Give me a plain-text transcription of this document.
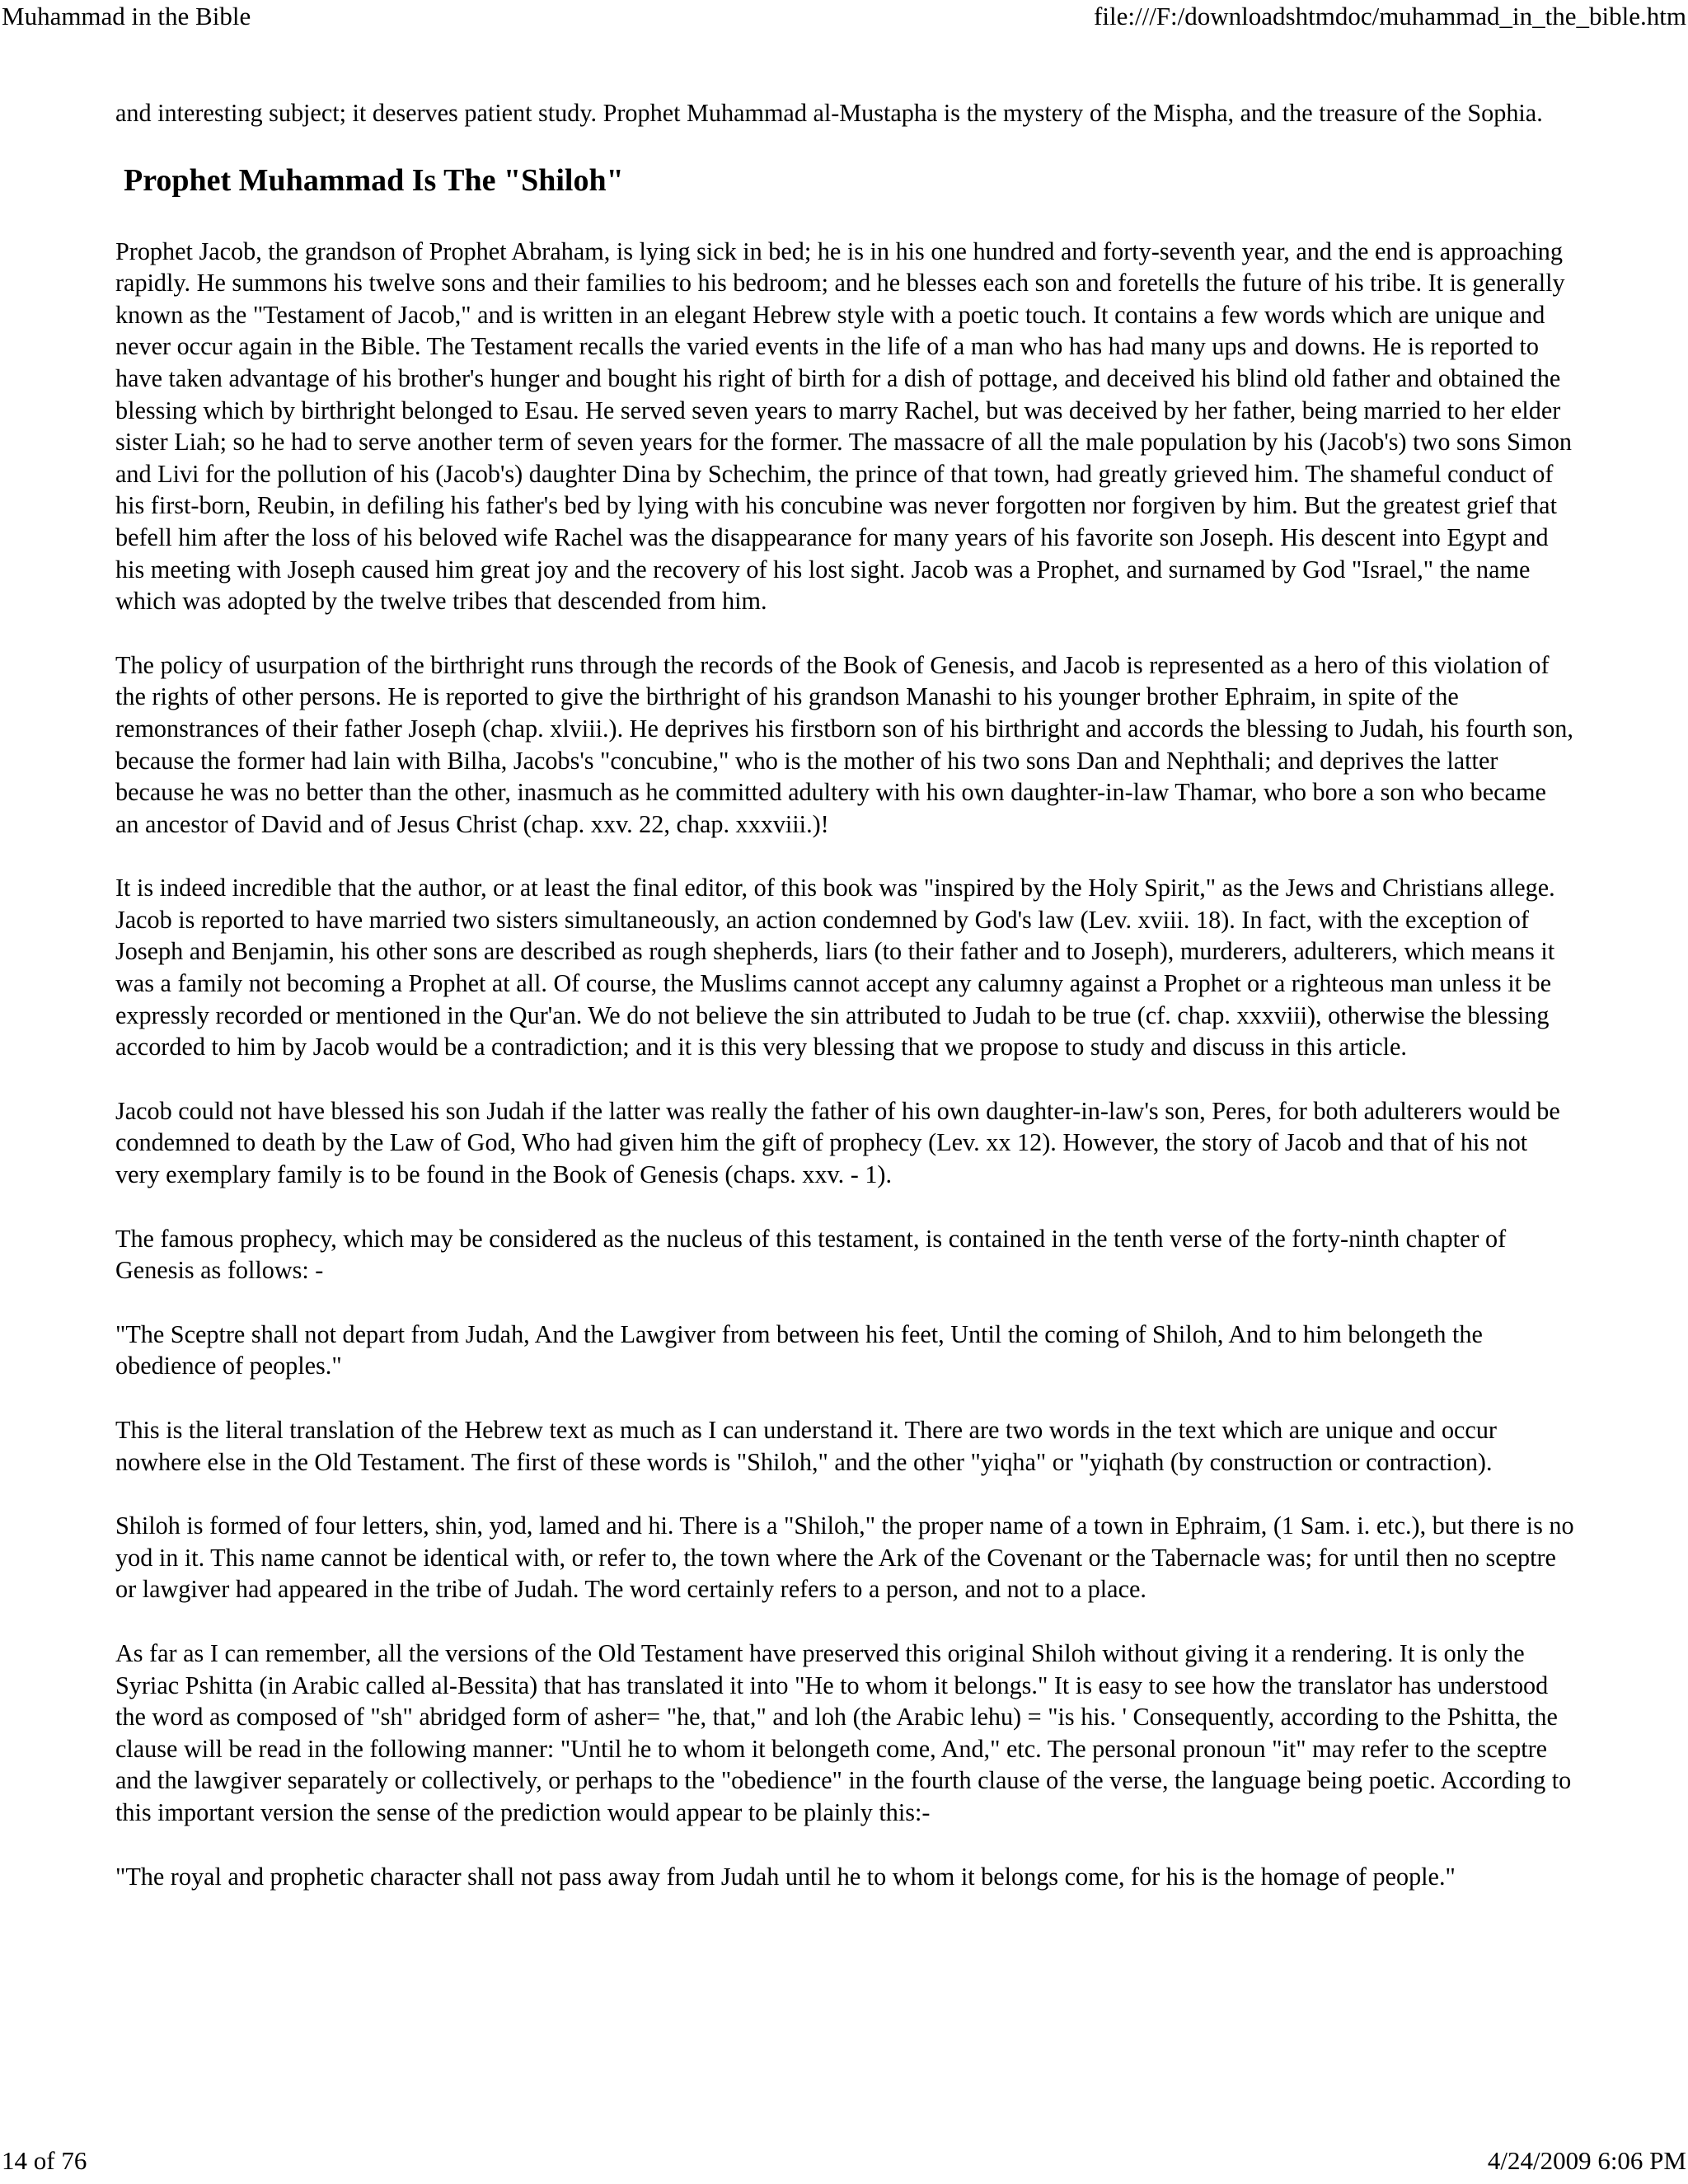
Muhammad in the Bible	file:///F:/downloadshtmdoc/muhammad_in_the_bible.htm

and interesting subject; it deserves patient study. Prophet Muhammad al-Mustapha is the mystery of the Mispha, and the treasure of the Sophia.

Prophet Muhammad Is The "Shiloh"

Prophet Jacob, the grandson of Prophet Abraham, is lying sick in bed; he is in his one hundred and forty-seventh year, and the end is approaching rapidly. He summons his twelve sons and their families to his bedroom; and he blesses each son and foretells the future of his tribe. It is generally known as the "Testament of Jacob," and is written in an elegant Hebrew style with a poetic touch. It contains a few words which are unique and never occur again in the Bible. The Testament recalls the varied events in the life of a man who has had many ups and downs. He is reported to have taken advantage of his brother's hunger and bought his right of birth for a dish of pottage, and deceived his blind old father and obtained the blessing which by birthright belonged to Esau. He served seven years to marry Rachel, but was deceived by her father, being married to her elder sister Liah; so he had to serve another term of seven years for the former. The massacre of all the male population by his (Jacob's) two sons Simon and Livi for the pollution of his (Jacob's) daughter Dina by Schechim, the prince of that town, had greatly grieved him. The shameful conduct of his first-born, Reubin, in defiling his father's bed by lying with his concubine was never forgotten nor forgiven by him. But the greatest grief that befell him after the loss of his beloved wife Rachel was the disappearance for many years of his favorite son Joseph. His descent into Egypt and his meeting with Joseph caused him great joy and the recovery of his lost sight. Jacob was a Prophet, and surnamed by God "Israel," the name which was adopted by the twelve tribes that descended from him.

The policy of usurpation of the birthright runs through the records of the Book of Genesis, and Jacob is represented as a hero of this violation of the rights of other persons. He is reported to give the birthright of his grandson Manashi to his younger brother Ephraim, in spite of the remonstrances of their father Joseph (chap. xlviii.). He deprives his firstborn son of his birthright and accords the blessing to Judah, his fourth son, because the former had lain with Bilha, Jacobs's "concubine," who is the mother of his two sons Dan and Nephthali; and deprives the latter because he was no better than the other, inasmuch as he committed adultery with his own daughter-in-law Thamar, who bore a son who became an ancestor of David and of Jesus Christ (chap. xxv. 22, chap. xxxviii.)!

It is indeed incredible that the author, or at least the final editor, of this book was "inspired by the Holy Spirit," as the Jews and Christians allege. Jacob is reported to have married two sisters simultaneously, an action condemned by God's law (Lev. xviii. 18). In fact, with the exception of Joseph and Benjamin, his other sons are described as rough shepherds, liars (to their father and to Joseph), murderers, adulterers, which means it was a family not becoming a Prophet at all. Of course, the Muslims cannot accept any calumny against a Prophet or a righteous man unless it be expressly recorded or mentioned in the Qur'an. We do not believe the sin attributed to Judah to be true (cf. chap. xxxviii), otherwise the blessing accorded to him by Jacob would be a contradiction; and it is this very blessing that we propose to study and discuss in this article.

Jacob could not have blessed his son Judah if the latter was really the father of his own daughter-in-law's son, Peres, for both adulterers would be condemned to death by the Law of God, Who had given him the gift of prophecy (Lev. xx 12). However, the story of Jacob and that of his not very exemplary family is to be found in the Book of Genesis (chaps. xxv. - 1).

The famous prophecy, which may be considered as the nucleus of this testament, is contained in the tenth verse of the forty-ninth chapter of Genesis as follows: -

"The Sceptre shall not depart from Judah, And the Lawgiver from between his feet, Until the coming of Shiloh, And to him belongeth the obedience of peoples."

This is the literal translation of the Hebrew text as much as I can understand it. There are two words in the text which are unique and occur nowhere else in the Old Testament. The first of these words is "Shiloh," and the other "yiqha" or "yiqhath (by construction or contraction).

Shiloh is formed of four letters, shin, yod, lamed and hi. There is a "Shiloh," the proper name of a town in Ephraim, (1 Sam. i. etc.), but there is no yod in it. This name cannot be identical with, or refer to, the town where the Ark of the Covenant or the Tabernacle was; for until then no sceptre or lawgiver had appeared in the tribe of Judah. The word certainly refers to a person, and not to a place.

As far as I can remember, all the versions of the Old Testament have preserved this original Shiloh without giving it a rendering. It is only the Syriac Pshitta (in Arabic called al-Bessita) that has translated it into "He to whom it belongs." It is easy to see how the translator has understood the word as composed of "sh" abridged form of asher= "he, that," and loh (the Arabic lehu) = "is his. ' Consequently, according to the Pshitta, the clause will be read in the following manner: "Until he to whom it belongeth come, And," etc. The personal pronoun "it" may refer to the sceptre and the lawgiver separately or collectively, or perhaps to the "obedience" in the fourth clause of the verse, the language being poetic. According to this important version the sense of the prediction would appear to be plainly this:-

"The royal and prophetic character shall not pass away from Judah until he to whom it belongs come, for his is the homage of people."

14 of 76	4/24/2009 6:06 PM
